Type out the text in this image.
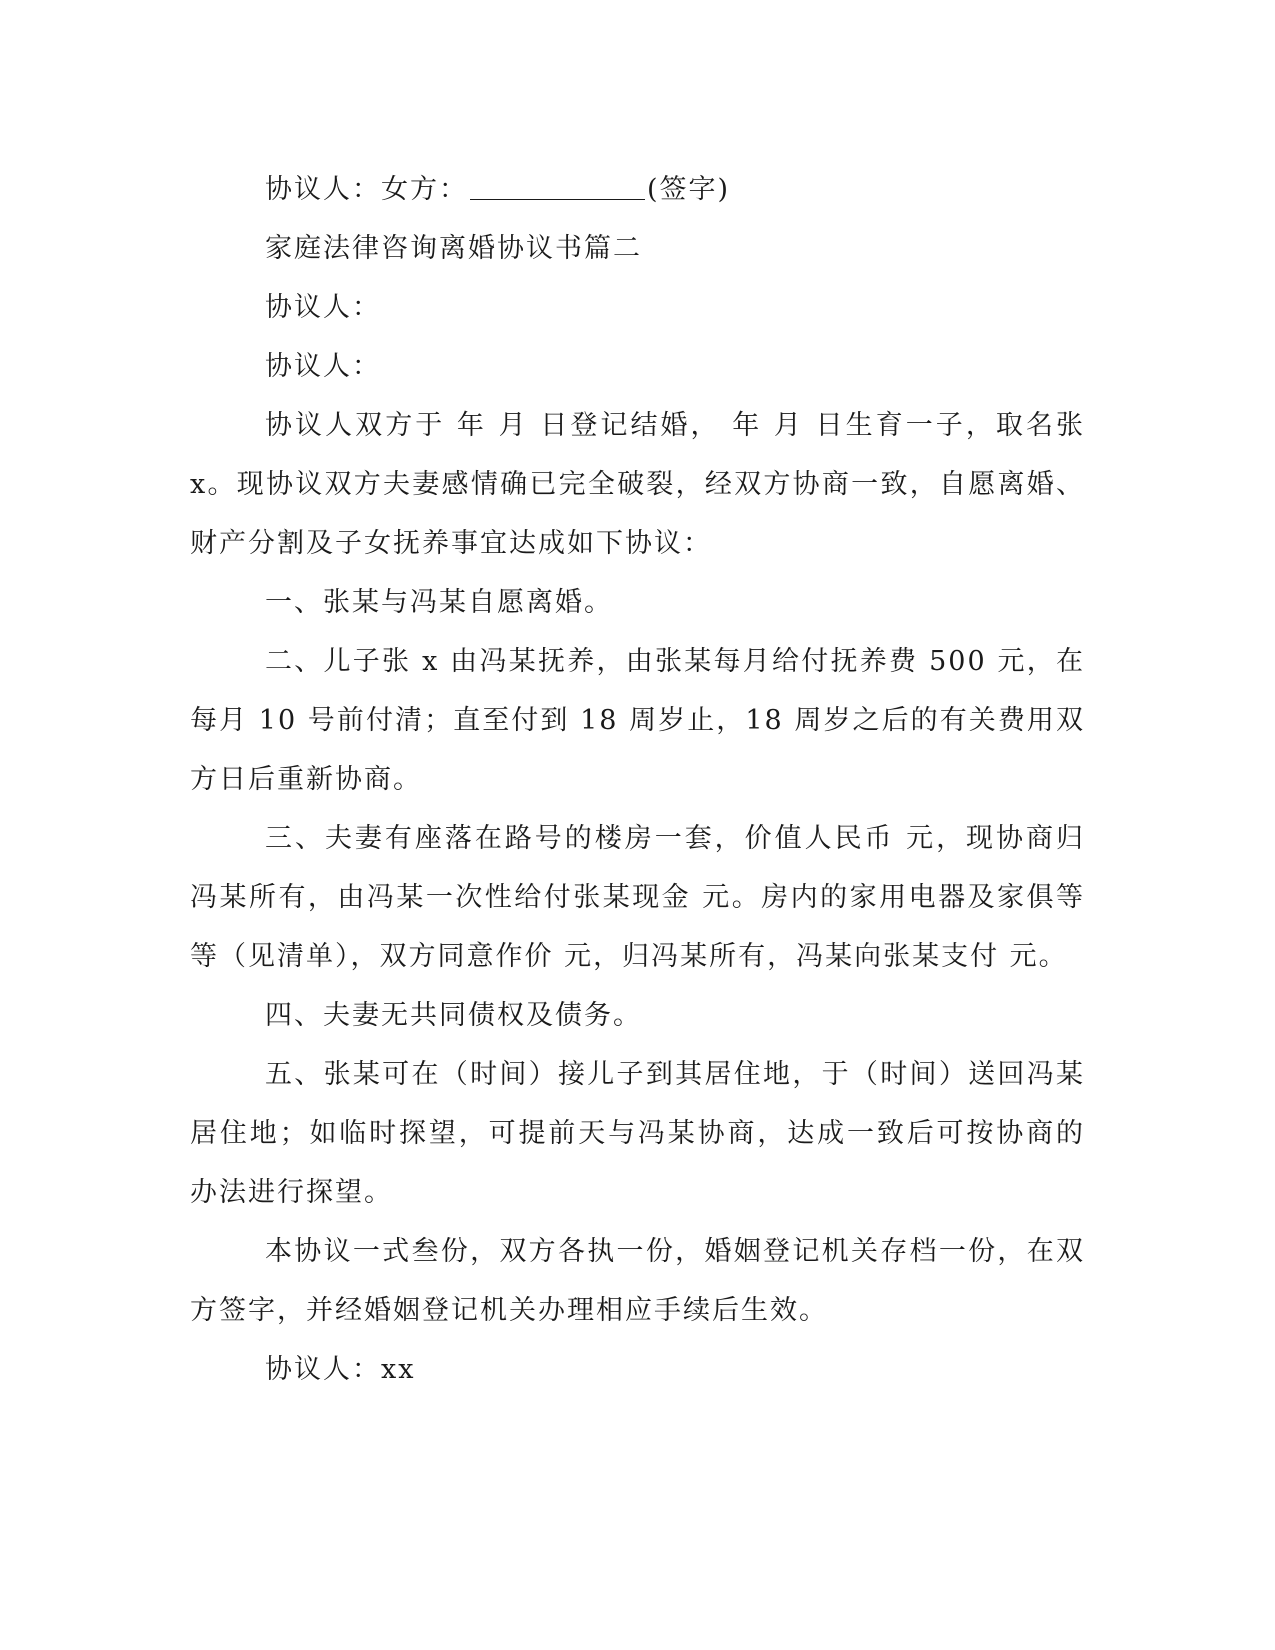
协议人：女方：	(签字)

家庭法律咨询离婚协议书篇二

协议人：

协议人：

协议人双方于 年 月 日登记结婚， 年 月 日生育一子，取名张 x。现协议双方夫妻感情确已完全破裂，经双方协商一致，自愿离婚、财产分割及子女抚养事宜达成如下协议：

一、张某与冯某自愿离婚。

二、儿子张 x 由冯某抚养，由张某每月给付抚养费 500 元，在每月 10 号前付清；直至付到 18 周岁止，18 周岁之后的有关费用双方日后重新协商。

三、夫妻有座落在路号的楼房一套，价值人民币 元，现协商归冯某所有，由冯某一次性给付张某现金 元。房内的家用电器及家俱等等（见清单），双方同意作价 元，归冯某所有，冯某向张某支付 元。

四、夫妻无共同债权及债务。

五、张某可在（时间）接儿子到其居住地，于（时间）送回冯某居住地；如临时探望，可提前天与冯某协商，达成一致后可按协商的办法进行探望。

本协议一式叁份，双方各执一份，婚姻登记机关存档一份，在双方签字，并经婚姻登记机关办理相应手续后生效。

协议人：xx
